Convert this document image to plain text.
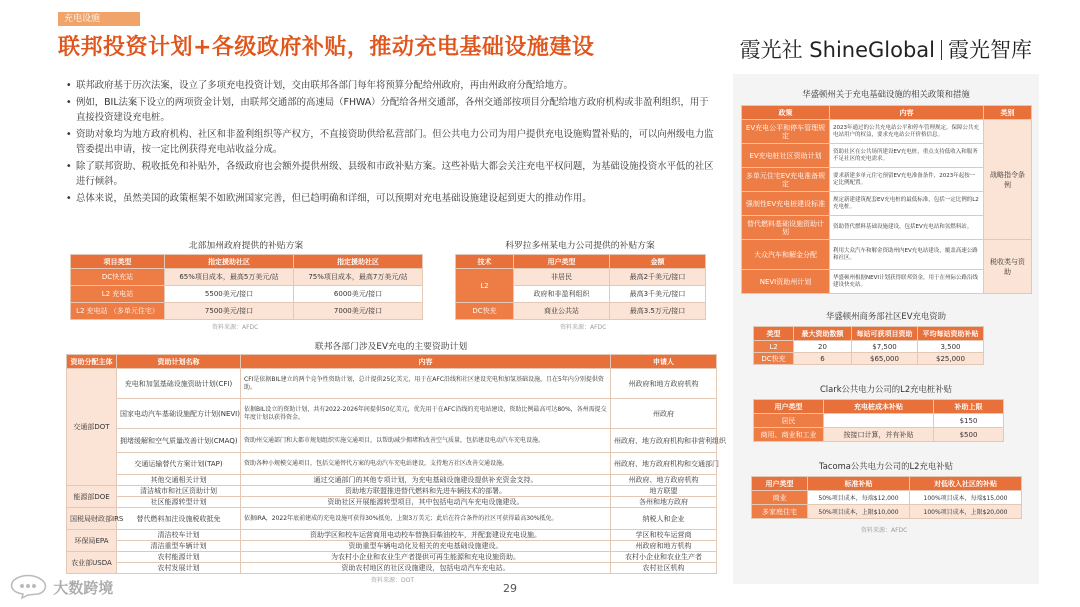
充电设施
联邦投资计划+各级政府补贴，推动充电基础设施建设	霞光社 ShineGlobal 霞光智库
• 联邦政府基于历次法案，设立了多项充电投资计划，交由联邦各部门每年将预算分配给州政府，再由州政府分配给地方。
• 例如，BIL法案下设立的两项资金计划，由联邦交通部的高速局（FHWA）分配给各州交通部，各州交通部按项目分配给地方政府机构或非盈利组织，用于直接投资建设充电桩。
• 资助对象均为地方政府机构、社区和非盈利组织等产权方，不直接资助供给私营部门。但公共电力公司为用户提供充电设施购置补贴的，可以向州级电力监管委提出申请，按一定比例获得充电站收益分成。
• 除了联邦资助、税收抵免和补贴外，各级政府也会额外提供州级、县级和市政补贴方案。这些补贴大都会关注充电平权问题，为基础设施投资水平低的社区进行倾斜。
• 总体来说，虽然美国的政策框架不如欧洲国家完善，但已趋明确和详细，可以预期对充电基础设施建设起到更大的推动作用。
北部加州政府提供的补贴方案
项目类型	指定援助社区	指定援助社区
DC快充站	65%项目成本，最高5万美元/站	75%项目成本，最高7万美元/站
L2 充电站	5500美元/接口	6000美元/接口
L2 充电站 （多单元住宅）	7500美元/接口	7000美元/接口
资料来源：AFDC
科罗拉多州某电力公司提供的补贴方案
技术	用户类型	金额
L2	非居民	最高2千美元/接口
	政府和非盈利组织	最高3千美元/接口
DC快充	商业公共站	最高3.5万元/接口
资料来源：AFDC
联邦各部门涉及EV充电的主要资助计划
资助分配主体	资助计划名称	内容	申请人
交通部DOT	充电和加氢基础设施资助计划(CFI)	CFI是依据BIL建立的两个竞争性资助计划，总计提供25亿美元，用于在AFC沿线和社区建设充电和加氢基础设施，且在5年内分别提供资助。	州政府和地方政府机构
	国家电动汽车基础设施配方计划(NEVI)	依据BIL设立的资助计划，共有2022-2026年间提供50亿美元，优先用于在AFC沿线的充电站建设，资助比例最高可达80%，各州需提交年度计划以获得资金。	州政府
	拥堵缓解和空气质量改善计划(CMAQ)	资助州交通部门和大都市规划组织实施交通项目，以帮助减少拥堵和改善空气质量，包括建设电动汽车充电设施。	州政府、地方政府机构和非营利组织
	交通运输替代方案计划(TAP)	资助各种小规模交通项目，包括交通替代方案的电动汽车充电站建设，支持地方社区改善交通设施。	州政府、地方政府机构和交通部门
	其他交通相关计划	通过交通部门的其他专项计划，为充电基础设施建设提供补充资金支持。	州政府、地方政府机构
能源部DOE	清洁城市和社区资助计划	资助地方联盟推进替代燃料和先进车辆技术的部署。	地方联盟
	社区能源转型计划	资助社区开展能源转型项目，其中包括电动汽车充电设施建设。	各州和地方政府
国税局财政部IRS	替代燃料加注设施税收抵免	依据IRA，2022年底前建成的充电设施可获得30%抵免，上限3万美元；此后在符合条件的社区可获得最高30%抵免。	纳税人和企业
环保局EPA	清洁校车计划	资助学区和校车运营商用电动校车替换旧柴油校车，并配套建设充电设施。	学区和校车运营商
	清洁重型车辆计划	资助重型车辆电动化及相关的充电基础设施建设。	州政府和地方机构
农业部USDA	农村能源计划	为农村小企业和农业生产者提供可再生能源和充电设施资助。	农村小企业和农业生产者
	农村发展计划	资助农村地区的社区设施建设，包括电动汽车充电站。	农村社区机构
资料来源：DOT
华盛顿州关于充电基础设施的相关政策和措施
政策	内容	类别
EV充电公平和停车管理规定	2023年通过的公共充电站公平和停车管理规定，保障公共充电站用户的权益，要求充电站公开价格信息。	战略指令条例
EV充电桩社区资助计划	资助社区在公共场所建设EV充电桩，重点支持低收入和服务不足社区的充电需求。	
多单元住宅EV充电准备规定	要求新建多单元住宅预留EV充电准备条件，2023年起按一定比例配置。	
强制性EV充电桩建设标准	规定新建建筑配套EV充电桩的最低标准，包括一定比例的L2充电桩。	
替代燃料基础设施资助计划	资助替代燃料基础设施建设，包括EV充电站和氢燃料站。	
大众汽车和解金分配	利用大众汽车和解金资助州内EV充电站建设，覆盖高速公路和社区。	税收类与资助
NEVI资助州计划	华盛顿州根据NEVI计划获得联邦资金，用于在州际公路沿线建设快充站。	
华盛顿州商务部社区EV充电资助
类型	最大资助数额	每站可获项目资助	平均每站资助补贴
L2	20	$7,500	3,500
DC快充	6	$65,000	$25,000
Clark公共电力公司的L2充电桩补贴
用户类型	充电桩成本补贴	补助上限
居民		$150
商用、商业和工业	按接口计算，并有补贴	$500
Tacoma公共电力公司的L2充电补贴
用户类型	标准补贴	对低收入社区的补贴
商业	50%项目成本，每端$12,000	100%项目成本，每端$15,000
多家庭住宅	50%项目成本，上限$10,000	100%项目成本，上限$20,000
资料来源：AFDC
29
大数跨境
